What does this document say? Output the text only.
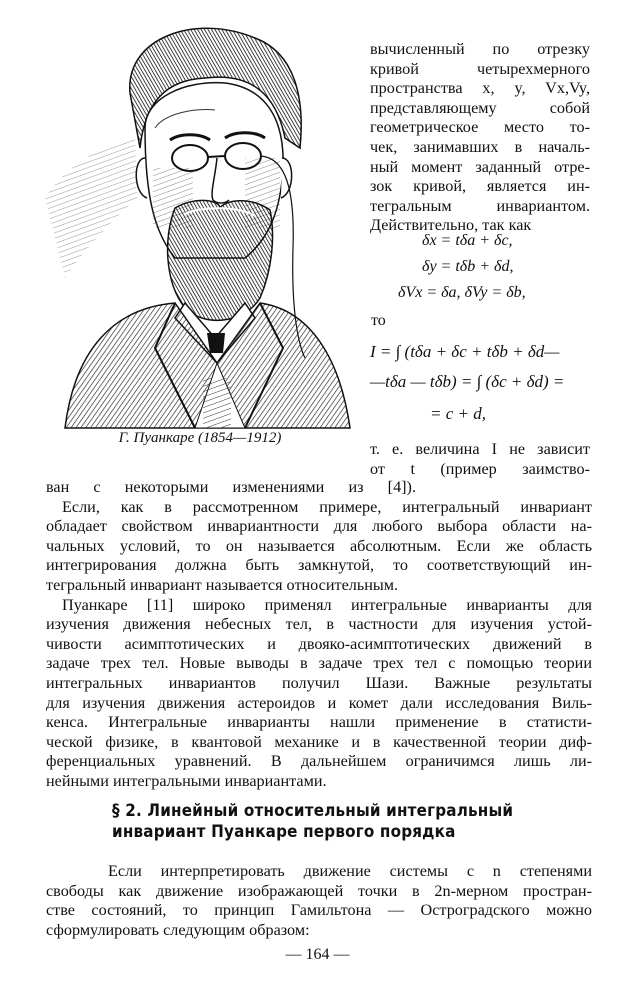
Г. Пуанкаре (1854—1912)
вычисленный по отрезку
кривой четырехмерного
пространства x, y, Vx,Vy,
представляющему собой
геометрическое место то-
чек, занимавших в началь-
ный момент заданный отре-
зок кривой, является ин-
тегральным инвариантом.
Действительно, так как
δx = tδa + δc,
δy = tδb + δd,
δVx = δa, δVy = δb,
то
I = ∫ (tδa + δc + tδb + δd—
—tδa — tδb) = ∫ (δc + δd) =
= c + d,
т. е. величина I не зависит
от t (пример заимство-
ван с некоторыми изменениями из [4]).
Если, как в рассмотренном примере, интегральный инвариант
обладает свойством инвариантности для любого выбора области на-
чальных условий, то он называется абсолютным. Если же область
интегрирования должна быть замкнутой, то соответствующий ин-
тегральный инвариант называется относительным.
Пуанкаре [11] широко применял интегральные инварианты для
изучения движения небесных тел, в частности для изучения устой-
чивости асимптотических и двояко-асимптотических движений в
задаче трех тел. Новые выводы в задаче трех тел с помощью теории
интегральных инвариантов получил Шази. Важные результаты
для изучения движения астероидов и комет дали исследования Виль-
кенса. Интегральные инварианты нашли применение в статисти-
ческой физике, в квантовой механике и в качественной теории диф-
ференциальных уравнений. В дальнейшем ограничимся лишь ли-
нейными интегральными инвариантами.
§ 2. Линейный относительный интегральный
инвариант Пуанкаре первого порядка
Если интерпретировать движение системы с n степенями
свободы как движение изображающей точки в 2n-мерном простран-
стве состояний, то принцип Гамильтона — Остроградского можно
сформулировать следующим образом:
— 164 —
